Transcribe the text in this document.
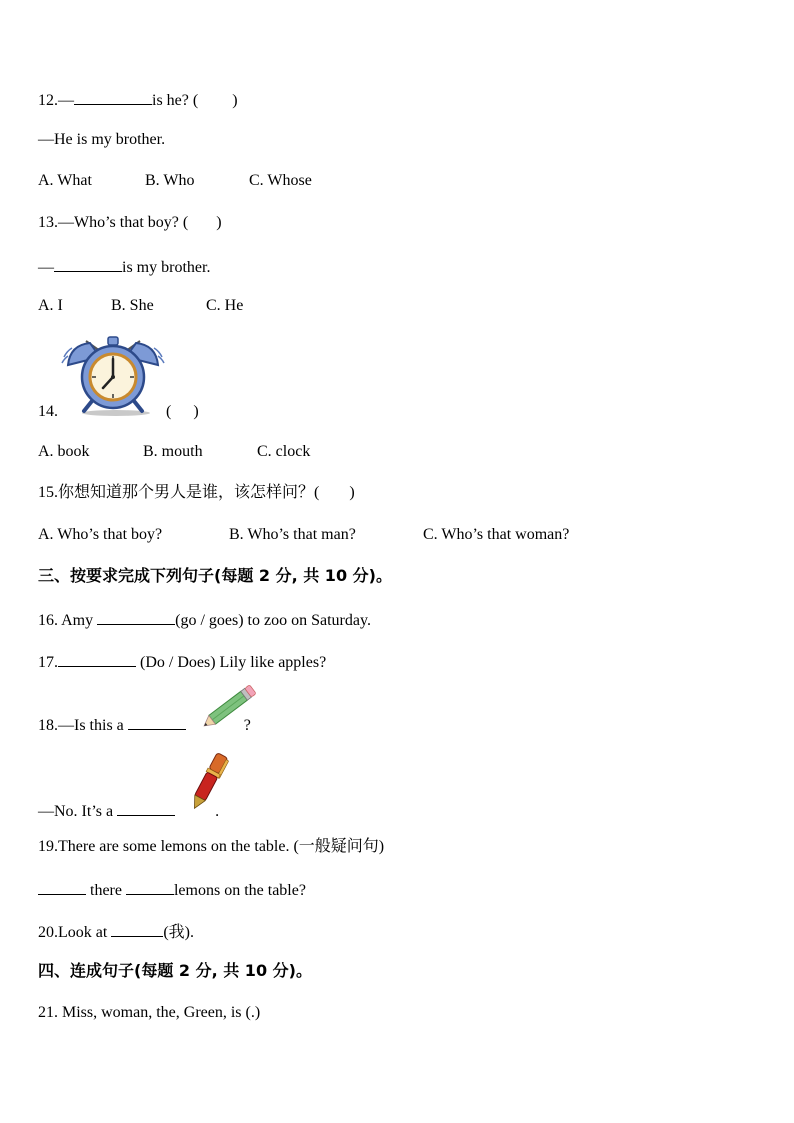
12.—	is he? ( )
—He is my brother.
A. What	B. Who	C. Whose
13.—Who’s that boy? ( )
—	is my brother.
A. I	B. She	C. He
14.	( )
A. book	B. mouth	C. clock
15.你想知道那个男人是谁，该怎样问？( )
A. Who’s that boy?	B. Who’s that man?	C. Who’s that woman?
三、按要求完成下列句子(每题 2 分, 共 10 分)。
16. Amy	(go / goes) to zoo on Saturday.
17.	(Do / Does) Lily like apples?
18.—Is this a	?
—No. It’s a	.
19.There are some lemons on the table. (一般疑问句)
there	lemons on the table?
20.Look at	(我).
四、连成句子(每题 2 分, 共 10 分)。
21. Miss, woman, the, Green, is (.)
